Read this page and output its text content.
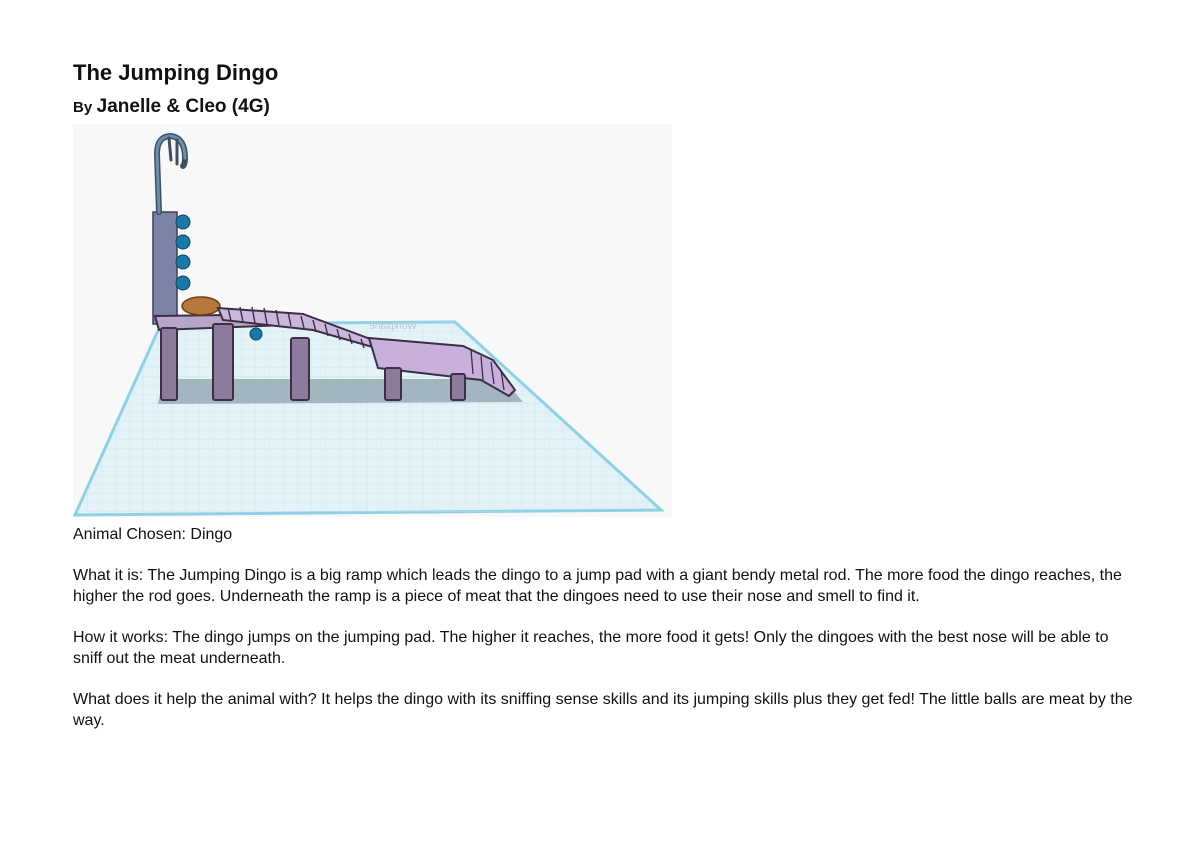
The Jumping Dingo
By Janelle & Cleo (4G)
Workplane

Animal Chosen: Dingo

What it is: The Jumping Dingo is a big ramp which leads the dingo to a jump pad with a giant bendy metal rod. The more food the dingo reaches, the higher the rod goes. Underneath the ramp is a piece of meat that the dingoes need to use their nose and smell to find it.

How it works: The dingo jumps on the jumping pad. The higher it reaches, the more food it gets! Only the dingoes with the best nose will be able to sniff out the meat underneath.

What does it help the animal with? It helps the dingo with its sniffing sense skills and its jumping skills plus they get fed! The little balls are meat by the way.
